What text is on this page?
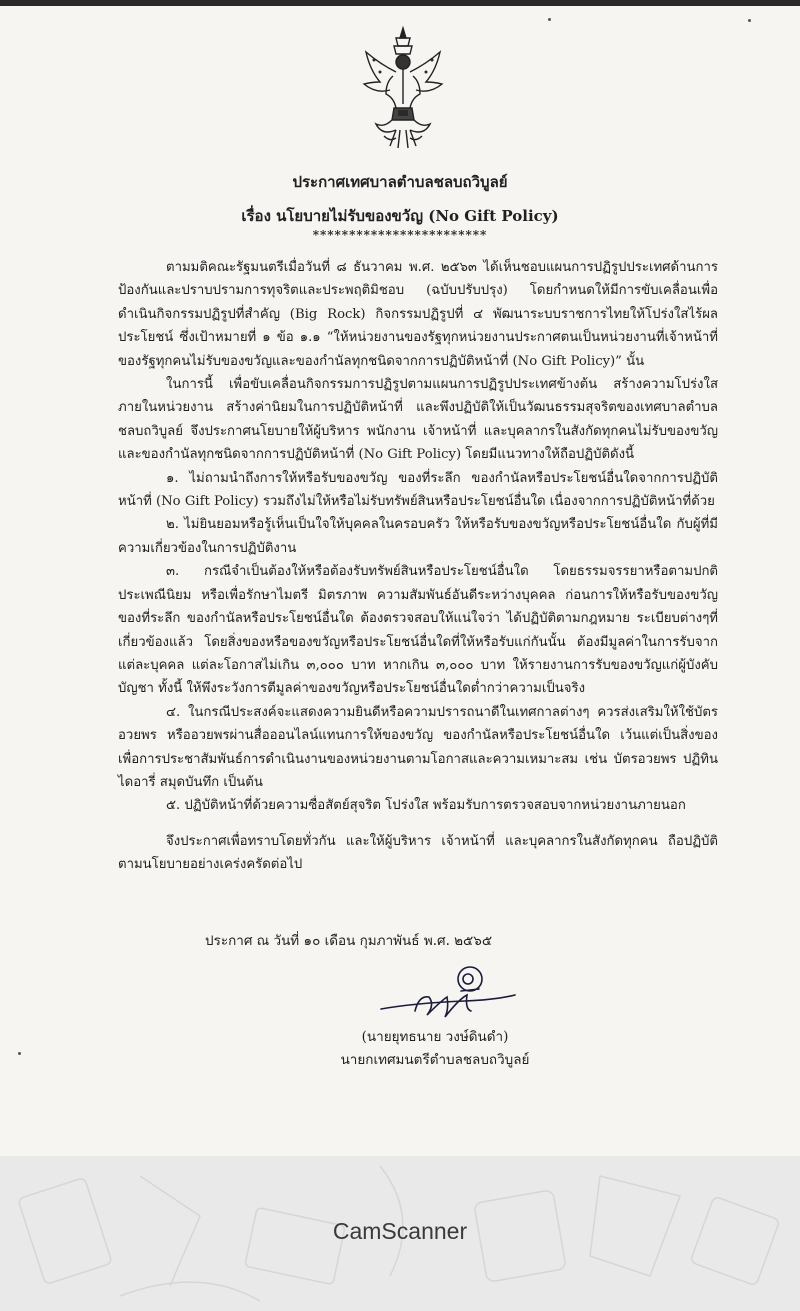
ประกาศเทศบาลตำบลชลบถวิบูลย์
เรื่อง นโยบายไม่รับของขวัญ (No Gift Policy)
************************

ตามมติคณะรัฐมนตรีเมื่อวันที่ ๘ ธันวาคม พ.ศ. ๒๕๖๓ ได้เห็นชอบแผนการปฏิรูปประเทศด้านการป้องกันและปราบปรามการทุจริตและประพฤติมิชอบ (ฉบับปรับปรุง) โดยกำหนดให้มีการขับเคลื่อนเพื่อดำเนินกิจกรรมปฏิรูปที่สำคัญ (Big Rock) กิจกรรมปฏิรูปที่ ๔ พัฒนาระบบราชการไทยให้โปร่งใสไร้ผลประโยชน์ ซึ่งเป้าหมายที่ ๑ ข้อ ๑.๑ “ให้หน่วยงานของรัฐทุกหน่วยงานประกาศตนเป็นหน่วยงานที่เจ้าหน้าที่ของรัฐทุกคนไม่รับของขวัญและของกำนัลทุกชนิดจากการปฏิบัติหน้าที่ (No Gift Policy)” นั้น

ในการนี้ เพื่อขับเคลื่อนกิจกรรมการปฏิรูปตามแผนการปฏิรูปประเทศข้างต้น สร้างความโปร่งใสภายในหน่วยงาน สร้างค่านิยมในการปฏิบัติหน้าที่ และพึงปฏิบัติให้เป็นวัฒนธรรมสุจริตของเทศบาลตำบลชลบถวิบูลย์ จึงประกาศนโยบายให้ผู้บริหาร พนักงาน เจ้าหน้าที่ และบุคลากรในสังกัดทุกคนไม่รับของขวัญและของกำนัลทุกชนิดจากการปฏิบัติหน้าที่ (No Gift Policy) โดยมีแนวทางให้ถือปฏิบัติดังนี้

๑. ไม่ถามนำถึงการให้หรือรับของขวัญ ของที่ระลึก ของกำนัลหรือประโยชน์อื่นใดจากการปฏิบัติหน้าที่ (No Gift Policy) รวมถึงไม่ให้หรือไม่รับทรัพย์สินหรือประโยชน์อื่นใด เนื่องจากการปฏิบัติหน้าที่ด้วย

๒. ไม่ยินยอมหรือรู้เห็นเป็นใจให้บุคคลในครอบครัว ให้หรือรับของขวัญหรือประโยชน์อื่นใด กับผู้ที่มีความเกี่ยวข้องในการปฏิบัติงาน

๓. กรณีจำเป็นต้องให้หรือต้องรับทรัพย์สินหรือประโยชน์อื่นใด โดยธรรมจรรยาหรือตามปกติประเพณีนิยม หรือเพื่อรักษาไมตรี มิตรภาพ ความสัมพันธ์อันดีระหว่างบุคคล ก่อนการให้หรือรับของขวัญของที่ระลึก ของกำนัลหรือประโยชน์อื่นใด ต้องตรวจสอบให้แน่ใจว่า ได้ปฏิบัติตามกฎหมาย ระเบียบต่างๆที่เกี่ยวข้องแล้ว โดยสิ่งของหรือของขวัญหรือประโยชน์อื่นใดที่ให้หรือรับแก่กันนั้น ต้องมีมูลค่าในการรับจากแต่ละบุคคล แต่ละโอกาสไม่เกิน ๓,๐๐๐ บาท หากเกิน ๓,๐๐๐ บาท ให้รายงานการรับของขวัญแก่ผู้บังคับบัญชา ทั้งนี้ ให้พึงระวังการตีมูลค่าของขวัญหรือประโยชน์อื่นใดต่ำกว่าความเป็นจริง

๔. ในกรณีประสงค์จะแสดงความยินดีหรือความปรารถนาดีในเทศกาลต่างๆ ควรส่งเสริมให้ใช้บัตรอวยพร หรืออวยพรผ่านสื่อออนไลน์แทนการให้ของขวัญ ของกำนัลหรือประโยชน์อื่นใด เว้นแต่เป็นสิ่งของเพื่อการประชาสัมพันธ์การดำเนินงานของหน่วยงานตามโอกาสและความเหมาะสม เช่น บัตรอวยพร ปฏิทิน ไดอารี่ สมุดบันทึก เป็นต้น

๕. ปฏิบัติหน้าที่ด้วยความซื่อสัตย์สุจริต โปร่งใส พร้อมรับการตรวจสอบจากหน่วยงานภายนอก

จึงประกาศเพื่อทราบโดยทั่วกัน และให้ผู้บริหาร เจ้าหน้าที่ และบุคลากรในสังกัดทุกคน ถือปฏิบัติตามนโยบายอย่างเคร่งครัดต่อไป

ประกาศ ณ วันที่ ๑๐ เดือน กุมภาพันธ์ พ.ศ. ๒๕๖๕
(นายยุทธนาย วงษ์ดินดำ)
นายกเทศมนตรีตำบลชลบถวิบูลย์
CamScanner
